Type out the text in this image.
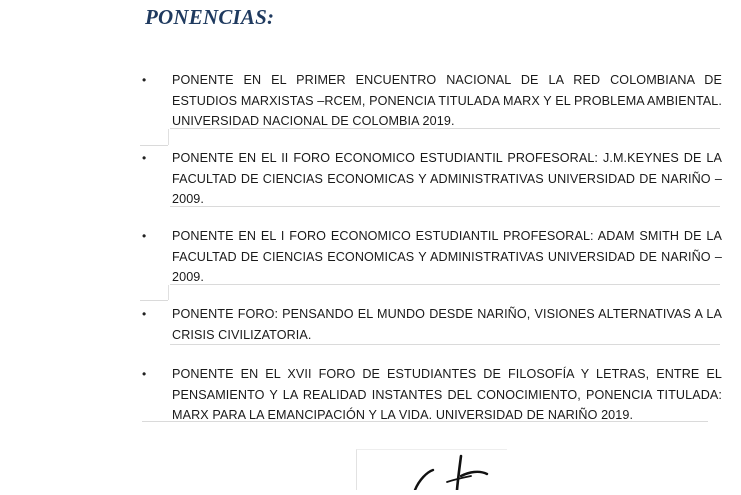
PONENCIAS:
• PONENTE EN EL PRIMER ENCUENTRO NACIONAL DE LA RED COLOMBIANA DE ESTUDIOS MARXISTAS –RCEM, PONENCIA TITULADA MARX Y EL PROBLEMA AMBIENTAL. UNIVERSIDAD NACIONAL DE COLOMBIA 2019.
• PONENTE EN EL II FORO ECONOMICO ESTUDIANTIL PROFESORAL: J.M.KEYNES DE LA FACULTAD DE CIENCIAS ECONOMICAS Y ADMINISTRATIVAS UNIVERSIDAD DE NARIÑO – 2009.
• PONENTE EN EL I FORO ECONOMICO ESTUDIANTIL PROFESORAL: ADAM SMITH DE LA FACULTAD DE CIENCIAS ECONOMICAS Y ADMINISTRATIVAS UNIVERSIDAD DE NARIÑO – 2009.
• PONENTE FORO: PENSANDO EL MUNDO DESDE NARIÑO, VISIONES ALTERNATIVAS A LA CRISIS CIVILIZATORIA.
• PONENTE EN EL XVII FORO DE ESTUDIANTES DE FILOSOFÍA Y LETRAS, ENTRE EL PENSAMIENTO Y LA REALIDAD INSTANTES DEL CONOCIMIENTO, PONENCIA TITULADA: MARX PARA LA EMANCIPACIÓN Y LA VIDA. UNIVERSIDAD DE NARIÑO 2019.
